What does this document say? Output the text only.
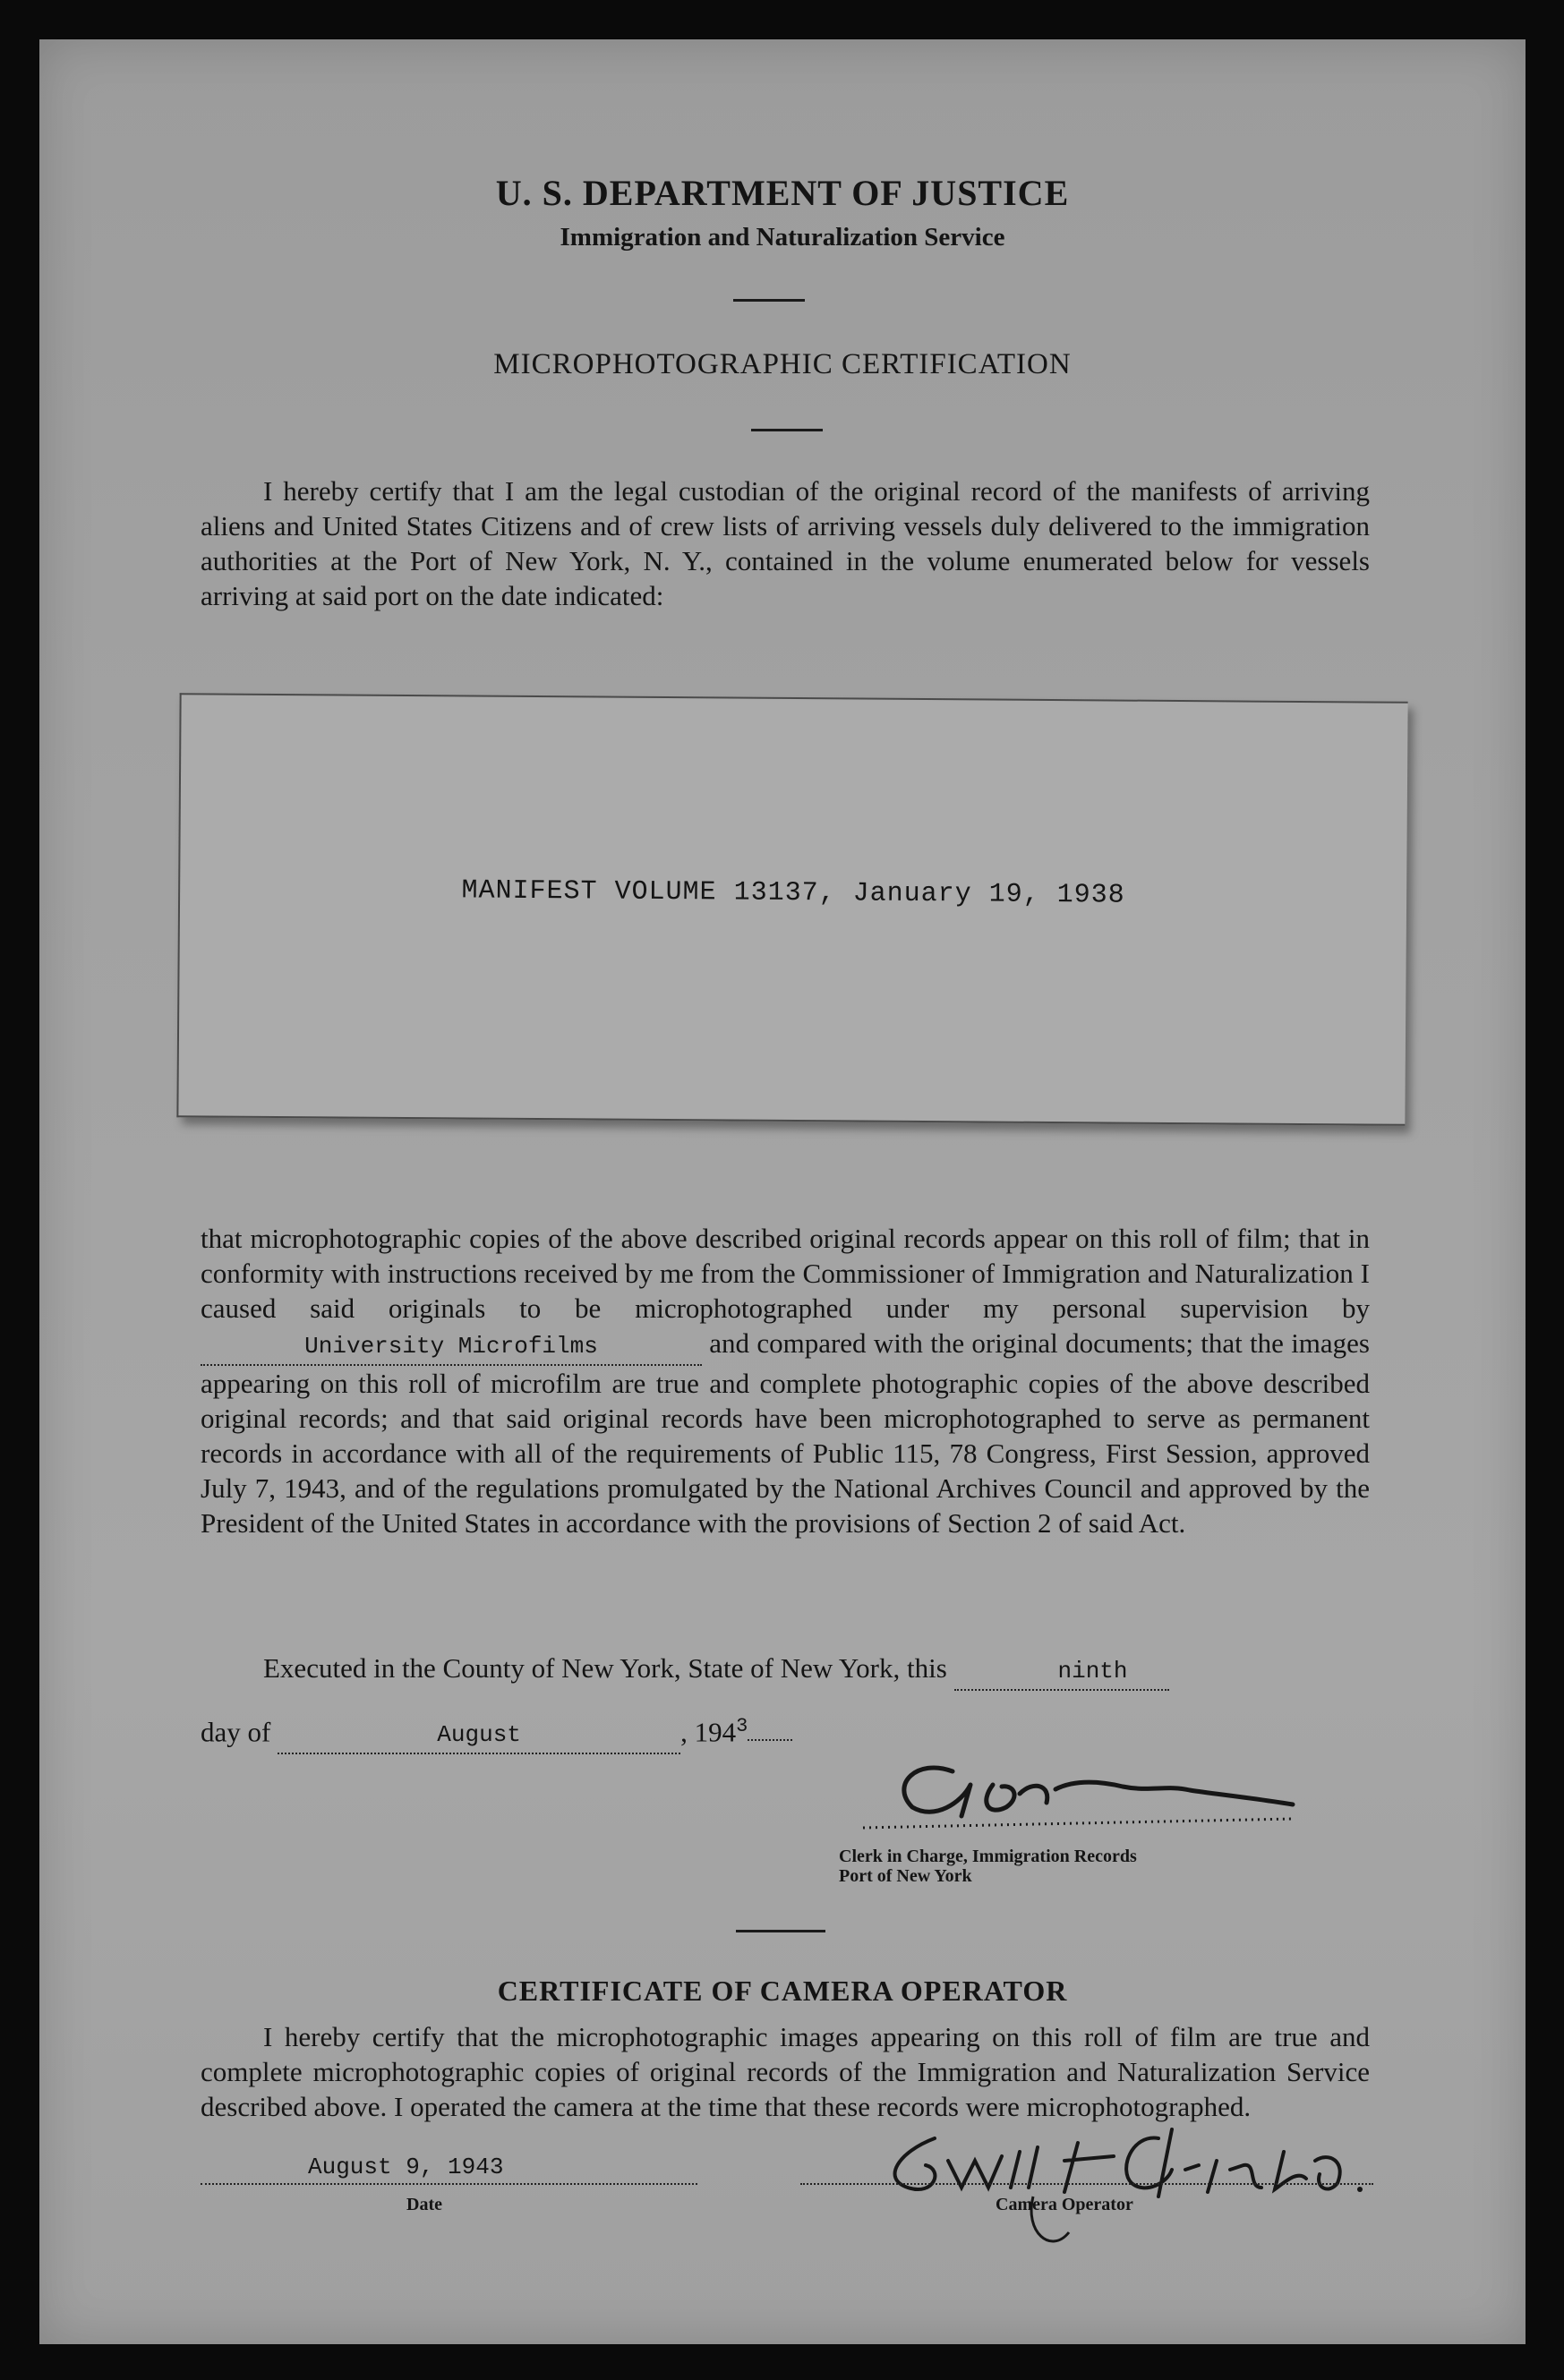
U. S. DEPARTMENT OF JUSTICE
Immigration and Naturalization Service
MICROPHOTOGRAPHIC CERTIFICATION

I hereby certify that I am the legal custodian of the original record of the manifests of arriving aliens and United States Citizens and of crew lists of arriving vessels duly delivered to the immigration authorities at the Port of New York, N. Y., contained in the volume enumerated below for vessels arriving at said port on the date indicated:

MANIFEST VOLUME 13137, January 19, 1938

that microphotographic copies of the above described original records appear on this roll of film; that in conformity with instructions received by me from the Commissioner of Immigration and Naturalization I caused said originals to be microphotographed under my personal supervision by University Microfilms	and compared with the original documents; that the images appearing on this roll of microfilm are true and complete photographic copies of the above described original records; and that said original records have been microphotographed to serve as permanent records in accordance with all of the requirements of Public 115, 78 Congress, First Session, approved July 7, 1943, and of the regulations promulgated by the National Archives Council and approved by the President of the United States in accordance with the provisions of Section 2 of said Act.

Executed in the County of New York, State of New York, this	ninth

day of	August	, $194^3$

Clerk in Charge, Immigration Records
Port of New York
CERTIFICATE OF CAMERA OPERATOR

I hereby certify that the microphotographic images appearing on this roll of film are true and complete microphotographic copies of original records of the Immigration and Naturalization Service described above. I operated the camera at the time that these records were microphotographed.

August 9, 1943
Date	Camera Operator
